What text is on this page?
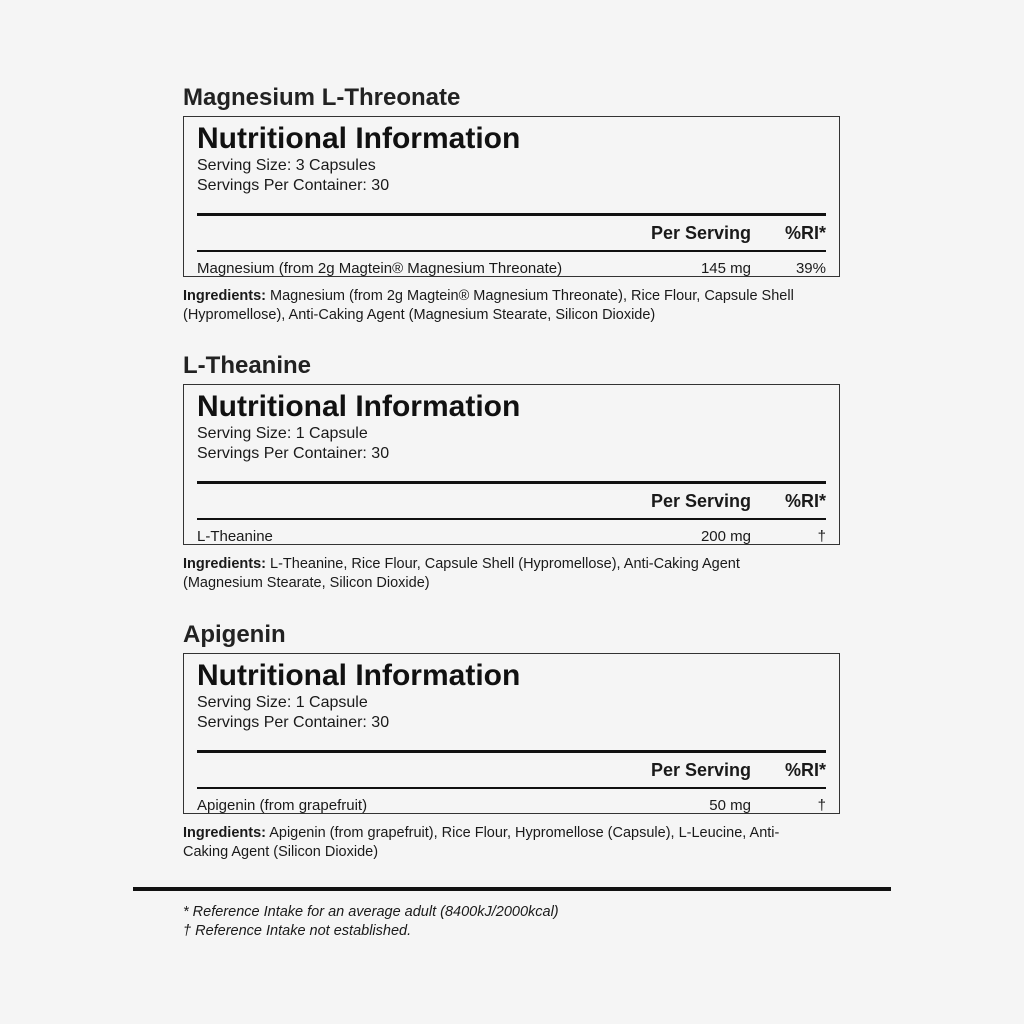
Magnesium L-Threonate
Nutritional Information
Serving Size: 3 Capsules
Servings Per Container: 30
Per Serving	%RI*
Magnesium (from 2g Magtein® Magnesium Threonate)	145 mg	39%
Ingredients: Magnesium (from 2g Magtein® Magnesium Threonate), Rice Flour, Capsule Shell (Hypromellose), Anti-Caking Agent (Magnesium Stearate, Silicon Dioxide)
L-Theanine
Nutritional Information
Serving Size: 1 Capsule
Servings Per Container: 30
Per Serving	%RI*
L-Theanine	200 mg	†
Ingredients: L-Theanine, Rice Flour, Capsule Shell (Hypromellose), Anti-Caking Agent (Magnesium Stearate, Silicon Dioxide)
Apigenin
Nutritional Information
Serving Size: 1 Capsule
Servings Per Container: 30
Per Serving	%RI*
Apigenin (from grapefruit)	50 mg	†
Ingredients: Apigenin (from grapefruit), Rice Flour, Hypromellose (Capsule), L-Leucine, Anti-Caking Agent (Silicon Dioxide)
* Reference Intake for an average adult (8400kJ/2000kcal)
† Reference Intake not established.
